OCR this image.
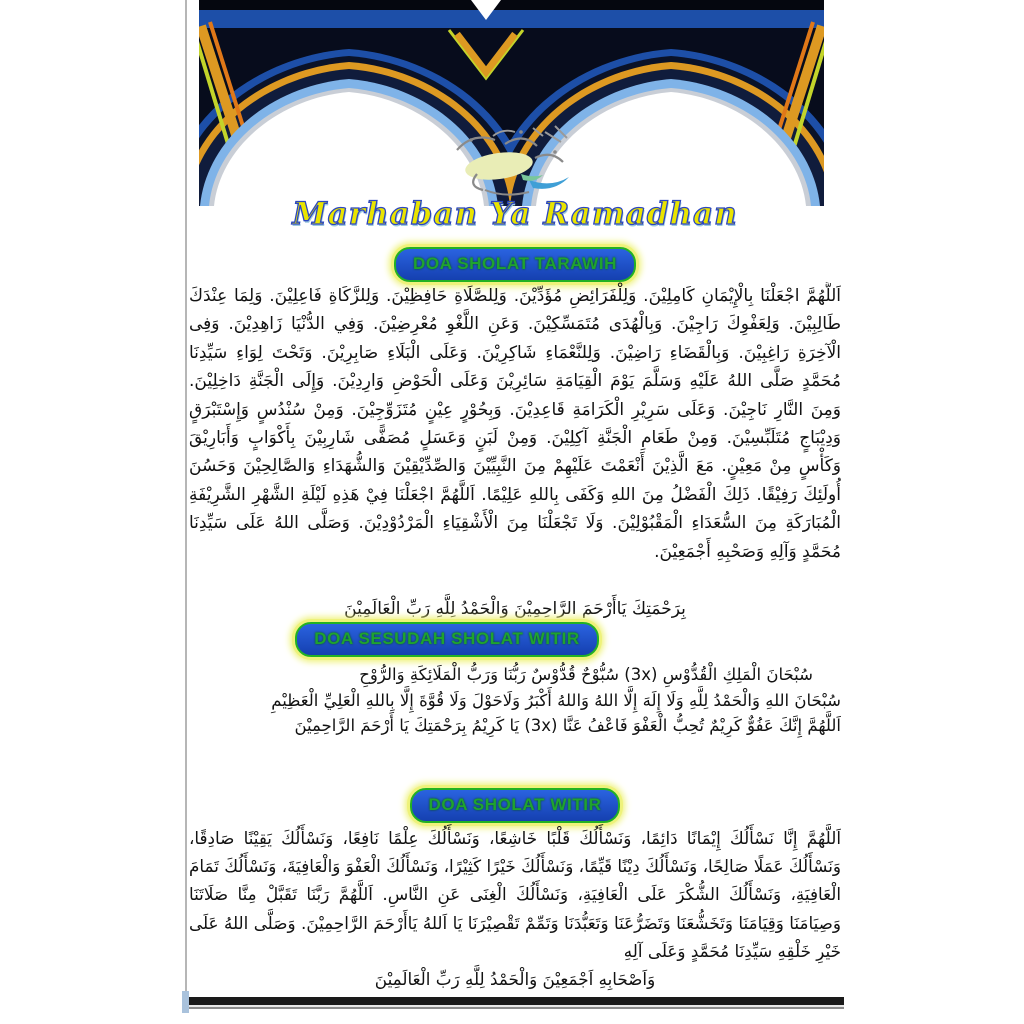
Marhaban Ya Ramadhan
DOA SHOLAT TARAWIH
اَللَّهُمَّ اجْعَلْنَا بِالْإِيْمَانِ كَامِلِيْنَ. وَلِلْفَرَائِضِ مُؤَدِّيْنَ. وَلِلصَّلَاةِ حَافِظِيْنَ. وَلِلزَّكَاةِ فَاعِلِيْنَ. وَلِمَا عِنْدَكَ طَالِبِيْنَ. وَلِعَفْوِكَ رَاجِيْنَ. وَبِالْهُدَى مُتَمَسِّكِيْنَ. وَعَنِ اللَّغْوِ مُعْرِضِيْنَ. وَفِي الدُّنْيَا زَاهِدِيْنَ. وَفِى الْآخِرَةِ رَاغِبِيْنَ. وَبِالْقَضَاءِ رَاضِيْنَ. وَلِلنَّعْمَاءِ شَاكِرِيْنَ. وَعَلَى الْبَلَاءِ صَابِرِيْنَ. وَتَحْتَ لِوَاءِ سَيِّدِنَا مُحَمَّدٍ صَلَّى اللهُ عَلَيْهِ وَسَلَّمَ يَوْمَ الْقِيَامَةِ سَائِرِيْنَ وَعَلَى الْحَوْضِ وَارِدِيْنَ. وَإِلَى الْجَنَّةِ دَاخِلِيْنَ. وَمِنَ النَّارِ نَاجِيْنَ. وَعَلَى سَرِيْرِ الْكَرَامَةِ قَاعِدِيْنَ. وَبِحُوْرٍ عِيْنٍ مُتَزَوِّجِيْنَ. وَمِنْ سُنْدُسٍ وَإِسْتَبْرَقٍ وَدِيْبَاجٍ مُتَلَبِّسِيْنَ. وَمِنْ طَعَامِ الْجَنَّةِ آكِلِيْنَ. وَمِنْ لَبَنٍ وَعَسَلٍ مُصَفًّى شَارِبِيْنَ بِأَكْوَابٍ وَأَبَارِيْقَ وَكَأْسٍ مِنْ مَعِيْنٍ. مَعَ الَّذِيْنَ أَنْعَمْتَ عَلَيْهِمْ مِنَ النَّبِيِّيْنَ وَالصِّدِّيْقِيْنَ وَالشُّهَدَاءِ وَالصَّالِحِيْنَ وَحَسُنَ أُولَئِكَ رَفِيْقًا. ذَلِكَ الْفَضْلُ مِنَ اللهِ وَكَفَى بِاللهِ عَلِيْمًا. اَللَّهُمَّ اجْعَلْنَا فِيْ هَذِهِ لَيْلَةِ الشَّهْرِ الشَّرِيْفَةِ الْمُبَارَكَةِ مِنَ السُّعَدَاءِ الْمَقْبُوْلِيْنَ. وَلَا تَجْعَلْنَا مِنَ الْأَشْقِيَاءِ الْمَرْدُوْدِيْنَ. وَصَلَّى اللهُ عَلَى سَيِّدِنَا مُحَمَّدٍ وَآلِهِ وَصَحْبِهِ أَجْمَعِيْنَ.
بِرَحْمَتِكَ يَاأَرْحَمَ الرَّاحِمِيْنَ وَالْحَمْدُ لِلَّهِ رَبِّ الْعَالَمِيْنَ
DOA SESUDAH SHOLAT WITIR

سُبْحَانَ الْمَلِكِ الْقُدُّوْسِ (3x) سُبُّوْحٌ قُدُّوْسٌ رَبُّنَا وَرَبُّ الْمَلَائِكَةِ وَالرُّوْحِ

سُبْحَانَ اللهِ وَالْحَمْدُ لِلَّهِ وَلَا إِلَهَ إِلَّا اللهُ وَاللهُ أَكْبَرُ وَلَاحَوْلَ وَلَا قُوَّةَ إِلَّا بِاللهِ الْعَلِيِّ الْعَظِيْمِ

اَللَّهُمَّ إِنَّكَ عَفُوٌّ كَرِيْمٌ تُحِبُّ الْعَفْوَ فَاعْفُ عَنَّا (3x) يَا كَرِيْمُ بِرَحْمَتِكَ يَا أَرْحَمَ الرَّاحِمِيْنَ

DOA SHOLAT WITIR
اَللَّهُمَّ إِنَّا نَسْأَلُكَ إِيْمَانًا دَائِمًا، وَنَسْأَلُكَ قَلْبًا خَاشِعًا، وَنَسْأَلُكَ عِلْمًا نَافِعًا، وَنَسْأَلُكَ يَقِيْنًا صَادِقًا، وَنَسْأَلُكَ عَمَلًا صَالِحًا، وَنَسْأَلُكَ دِيْنًا قَيِّمًا، وَنَسْأَلُكَ خَيْرًا كَثِيْرًا، وَنَسْأَلُكَ الْعَفْوَ وَالْعَافِيَةَ، وَنَسْأَلُكَ تَمَامَ الْعَافِيَةِ، وَنَسْأَلُكَ الشُّكْرَ عَلَى الْعَافِيَةِ، وَنَسْأَلُكَ الْغِنَى عَنِ النَّاسِ. اَللَّهُمَّ رَبَّنَا تَقَبَّلْ مِنَّا صَلَاتَنَا وَصِيَامَنَا وَقِيَامَنَا وَتَخَشُّعَنَا وَتَضَرُّعَنَا وَتَعَبُّدَنَا وَتَمِّمْ تَقْصِيْرَنَا يَا اَللهُ يَاأَرْحَمَ الرَّاحِمِيْنَ. وَصَلَّى اللهُ عَلَى خَيْرِ خَلْقِهِ سَيِّدِنَا مُحَمَّدٍ وَعَلَى آلِهِ
وَاَصْحَابِهِ اَجْمَعِيْنَ وَالْحَمْدُ لِلَّهِ رَبِّ الْعَالَمِيْنَ
